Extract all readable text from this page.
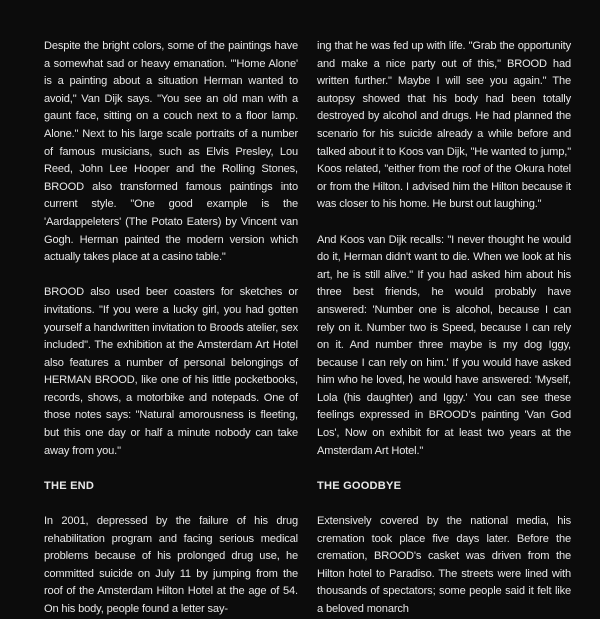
Despite the bright colors, some of the paintings have a somewhat sad or heavy emanation. "'Home Alone' is a painting about a situation Herman wanted to avoid," Van Dijk says. "You see an old man with a gaunt face, sitting on a couch next to a floor lamp. Alone." Next to his large scale portraits of a number of famous musicians, such as Elvis Presley, Lou Reed, John Lee Hooper and the Rolling Stones, BROOD also transformed famous paintings into current style. "One good example is the 'Aardappeleters' (The Potato Eaters) by Vincent van Gogh. Herman painted the modern version which actually takes place at a casino table."

BROOD also used beer coasters for sketches or invitations. "If you were a lucky girl, you had gotten yourself a handwritten invitation to Broods atelier, sex included". The exhibition at the Amsterdam Art Hotel also features a number of personal belongings of HERMAN BROOD, like one of his little pocketbooks, records, shows, a motorbike and notepads. One of those notes says: "Natural amorousness is fleeting, but this one day or half a minute nobody can take away from you."

THE END

In 2001, depressed by the failure of his drug rehabilitation program and facing serious medical problems because of his prolonged drug use, he committed suicide on July 11 by jumping from the roof of the Amsterdam Hilton Hotel at the age of 54. On his body, people found a letter say-

ing that he was fed up with life. "Grab the opportunity and make a nice party out of this," BROOD had written further." Maybe I will see you again." The autopsy showed that his body had been totally destroyed by alcohol and drugs. He had planned the scenario for his suicide already a while before and talked about it to Koos van Dijk, "He wanted to jump," Koos related, "either from the roof of the Okura hotel or from the Hilton. I advised him the Hilton because it was closer to his home. He burst out laughing."

And Koos van Dijk recalls: "I never thought he would do it, Herman didn't want to die. When we look at his art, he is still alive." If you had asked him about his three best friends, he would probably have answered: 'Number one is alcohol, because I can rely on it. Number two is Speed, because I can rely on it. And number three maybe is my dog Iggy, because I can rely on him.' If you would have asked him who he loved, he would have answered: 'Myself, Lola (his daughter) and Iggy.' You can see these feelings expressed in BROOD's painting 'Van God Los', Now on exhibit for at least two years at the Amsterdam Art Hotel."

THE GOODBYE

Extensively covered by the national media, his cremation took place five days later. Before the cremation, BROOD's casket was driven from the Hilton hotel to Paradiso. The streets were lined with thousands of spectators; some people said it felt like a beloved monarch
